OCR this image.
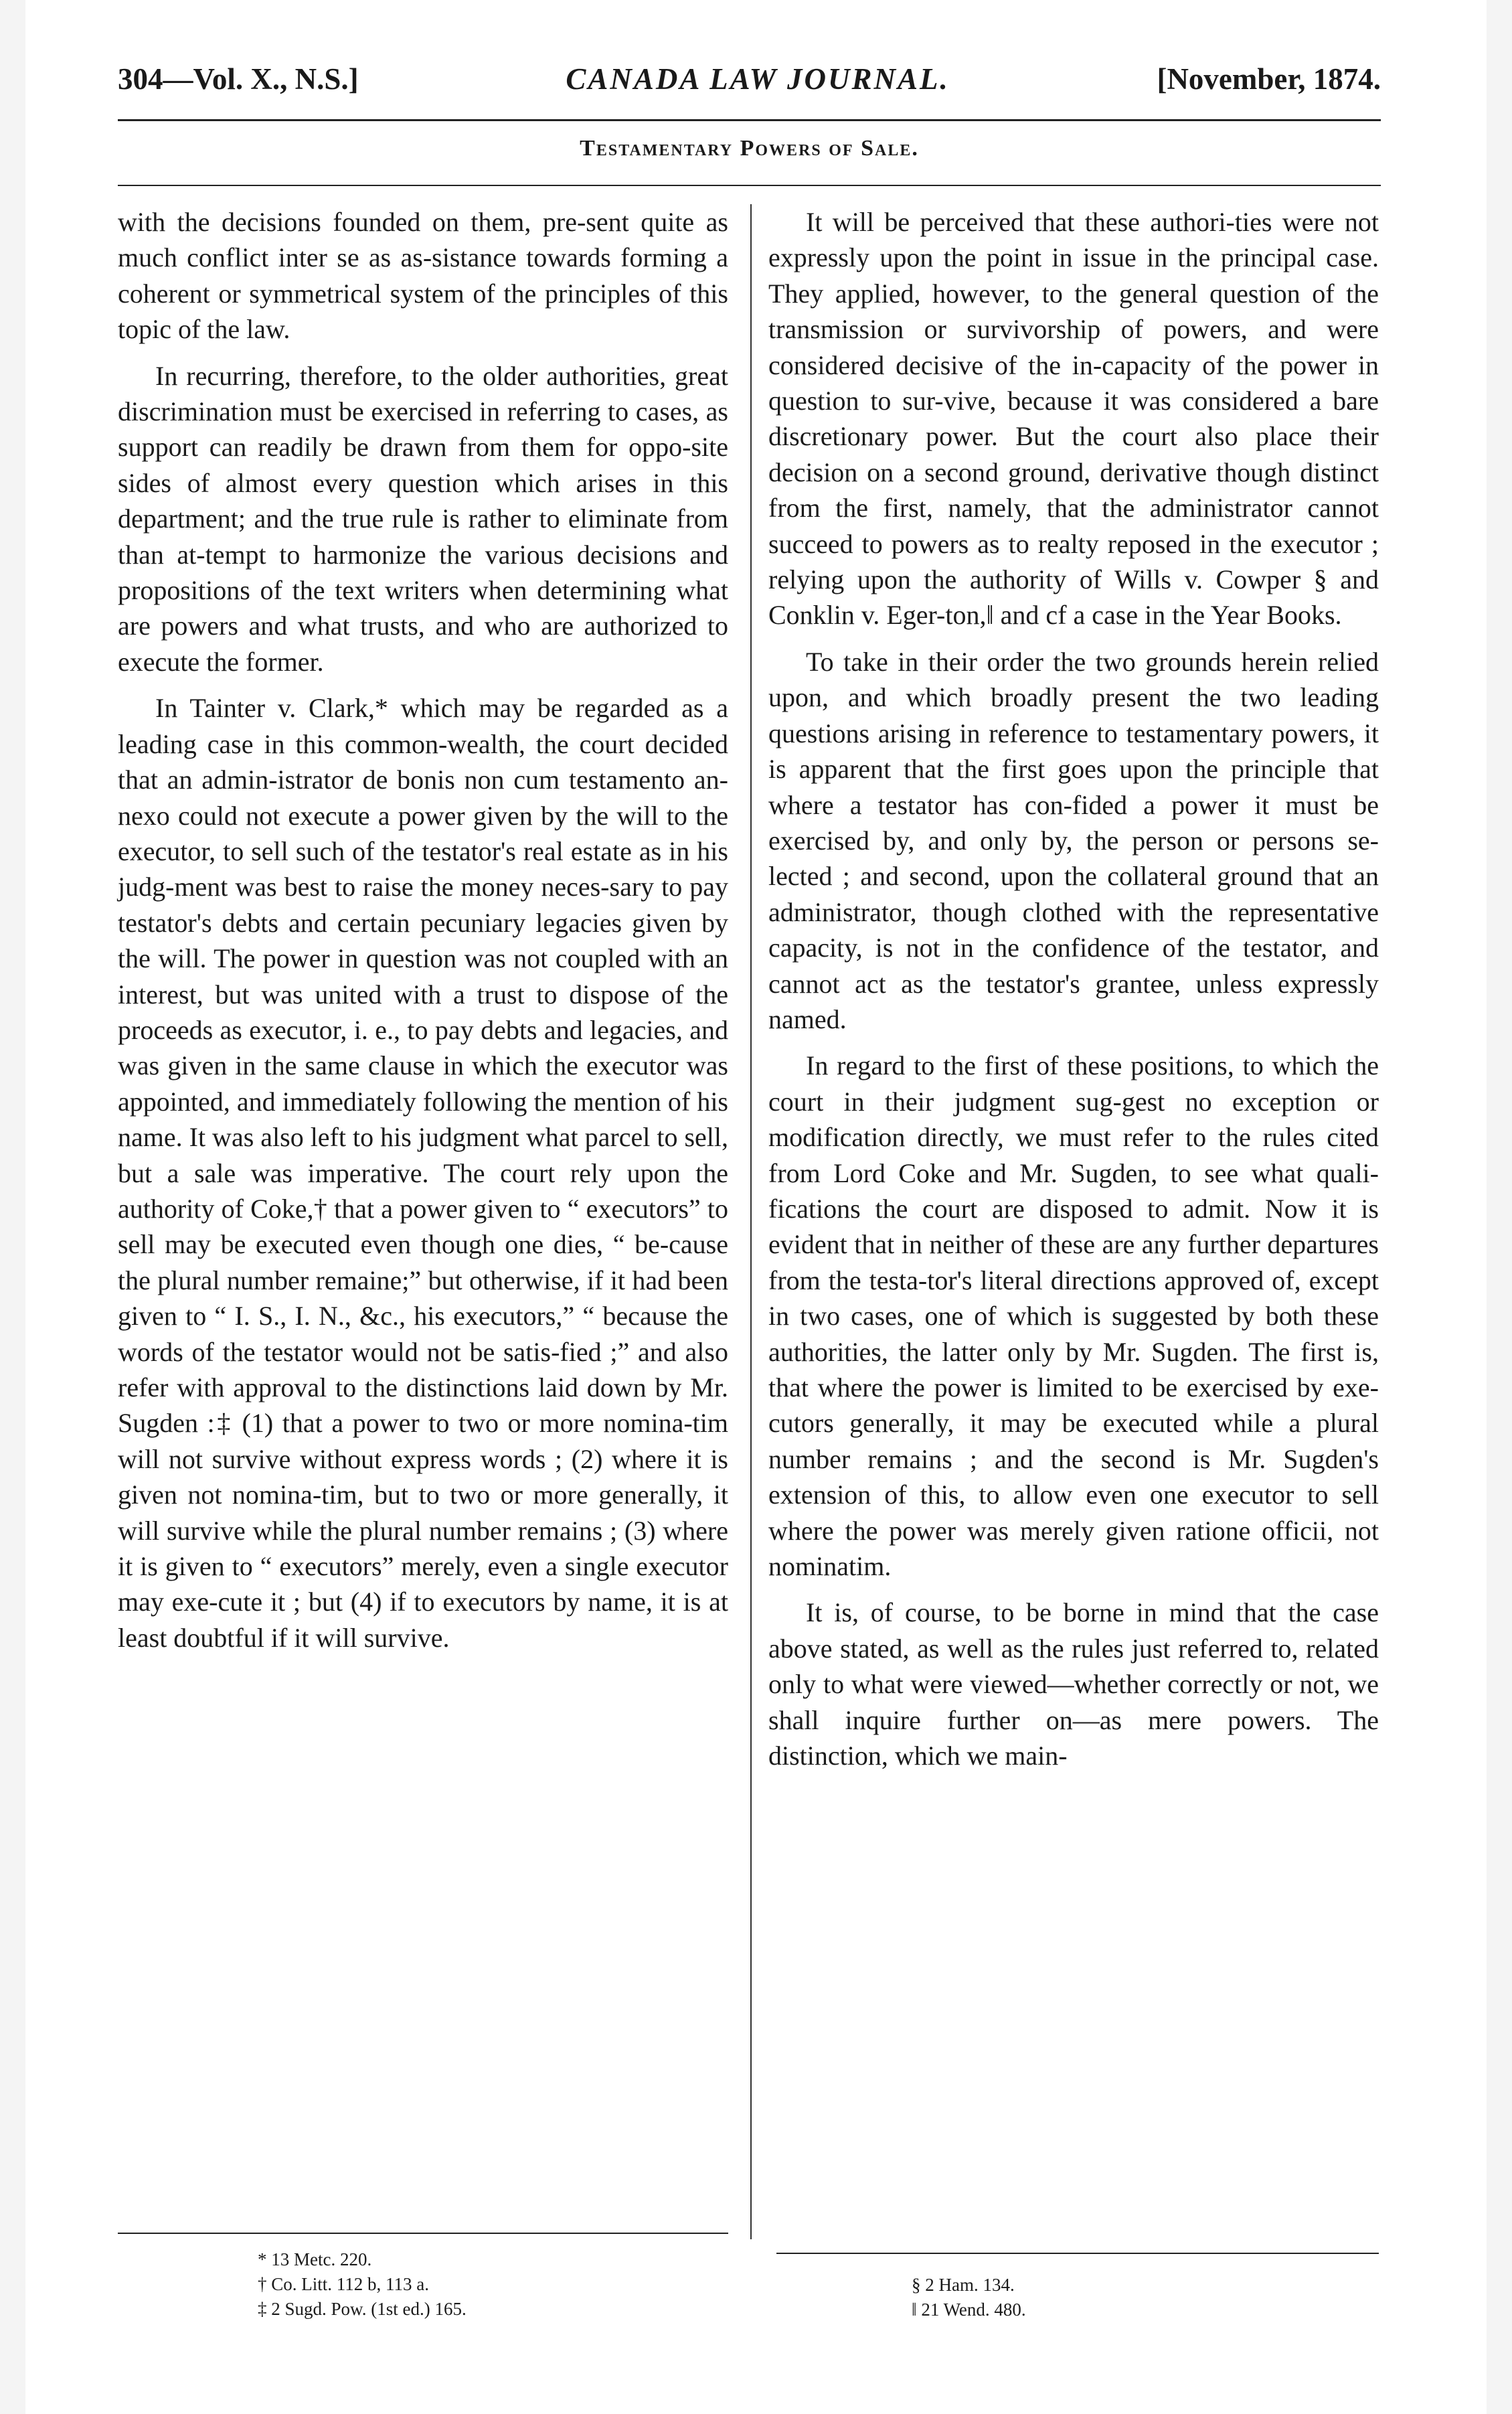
304—Vol. X., N.S.]	CANADA LAW JOURNAL.	[November, 1874.
Testamentary Powers of Sale.

with the decisions founded on them, pre-sent quite as much conflict inter se as as-sistance towards forming a coherent or symmetrical system of the principles of this topic of the law.

In recurring, therefore, to the older authorities, great discrimination must be exercised in referring to cases, as support can readily be drawn from them for oppo-site sides of almost every question which arises in this department; and the true rule is rather to eliminate from than at-tempt to harmonize the various decisions and propositions of the text writers when determining what are powers and what trusts, and who are authorized to execute the former.

In Tainter v. Clark,* which may be regarded as a leading case in this common-wealth, the court decided that an admin-istrator de bonis non cum testamento an-nexo could not execute a power given by the will to the executor, to sell such of the testator's real estate as in his judg-ment was best to raise the money neces-sary to pay testator's debts and certain pecuniary legacies given by the will. The power in question was not coupled with an interest, but was united with a trust to dispose of the proceeds as executor, i. e., to pay debts and legacies, and was given in the same clause in which the executor was appointed, and immediately following the mention of his name. It was also left to his judgment what parcel to sell, but a sale was imperative. The court rely upon the authority of Coke,† that a power given to “ executors” to sell may be executed even though one dies, “ be-cause the plural number remaine;” but otherwise, if it had been given to “ I. S., I. N., &c., his executors,” “ because the words of the testator would not be satis-fied ;” and also refer with approval to the distinctions laid down by Mr. Sugden :‡ (1) that a power to two or more nomina-tim will not survive without express words ; (2) where it is given not nomina-tim, but to two or more generally, it will survive while the plural number remains ; (3) where it is given to “ executors” merely, even a single executor may exe-cute it ; but (4) if to executors by name, it is at least doubtful if it will survive.

It will be perceived that these authori-ties were not expressly upon the point in issue in the principal case. They applied, however, to the general question of the transmission or survivorship of powers, and were considered decisive of the in-capacity of the power in question to sur-vive, because it was considered a bare discretionary power. But the court also place their decision on a second ground, derivative though distinct from the first, namely, that the administrator cannot succeed to powers as to realty reposed in the executor ; relying upon the authority of Wills v. Cowper § and Conklin v. Eger-ton,‖ and cf a case in the Year Books.

To take in their order the two grounds herein relied upon, and which broadly present the two leading questions arising in reference to testamentary powers, it is apparent that the first goes upon the principle that where a testator has con-fided a power it must be exercised by, and only by, the person or persons se-lected ; and second, upon the collateral ground that an administrator, though clothed with the representative capacity, is not in the confidence of the testator, and cannot act as the testator's grantee, unless expressly named.

In regard to the first of these positions, to which the court in their judgment sug-gest no exception or modification directly, we must refer to the rules cited from Lord Coke and Mr. Sugden, to see what quali-fications the court are disposed to admit. Now it is evident that in neither of these are any further departures from the testa-tor's literal directions approved of, except in two cases, one of which is suggested by both these authorities, the latter only by Mr. Sugden. The first is, that where the power is limited to be exercised by exe-cutors generally, it may be executed while a plural number remains ; and the second is Mr. Sugden's extension of this, to allow even one executor to sell where the power was merely given ratione officii, not nominatim.

It is, of course, to be borne in mind that the case above stated, as well as the rules just referred to, related only to what were viewed—whether correctly or not, we shall inquire further on—as mere powers. The distinction, which we main-

* 13 Metc. 220.
† Co. Litt. 112 b, 113 a.
‡ 2 Sugd. Pow. (1st ed.) 165.
§ 2 Ham. 134.
‖ 21 Wend. 480.
